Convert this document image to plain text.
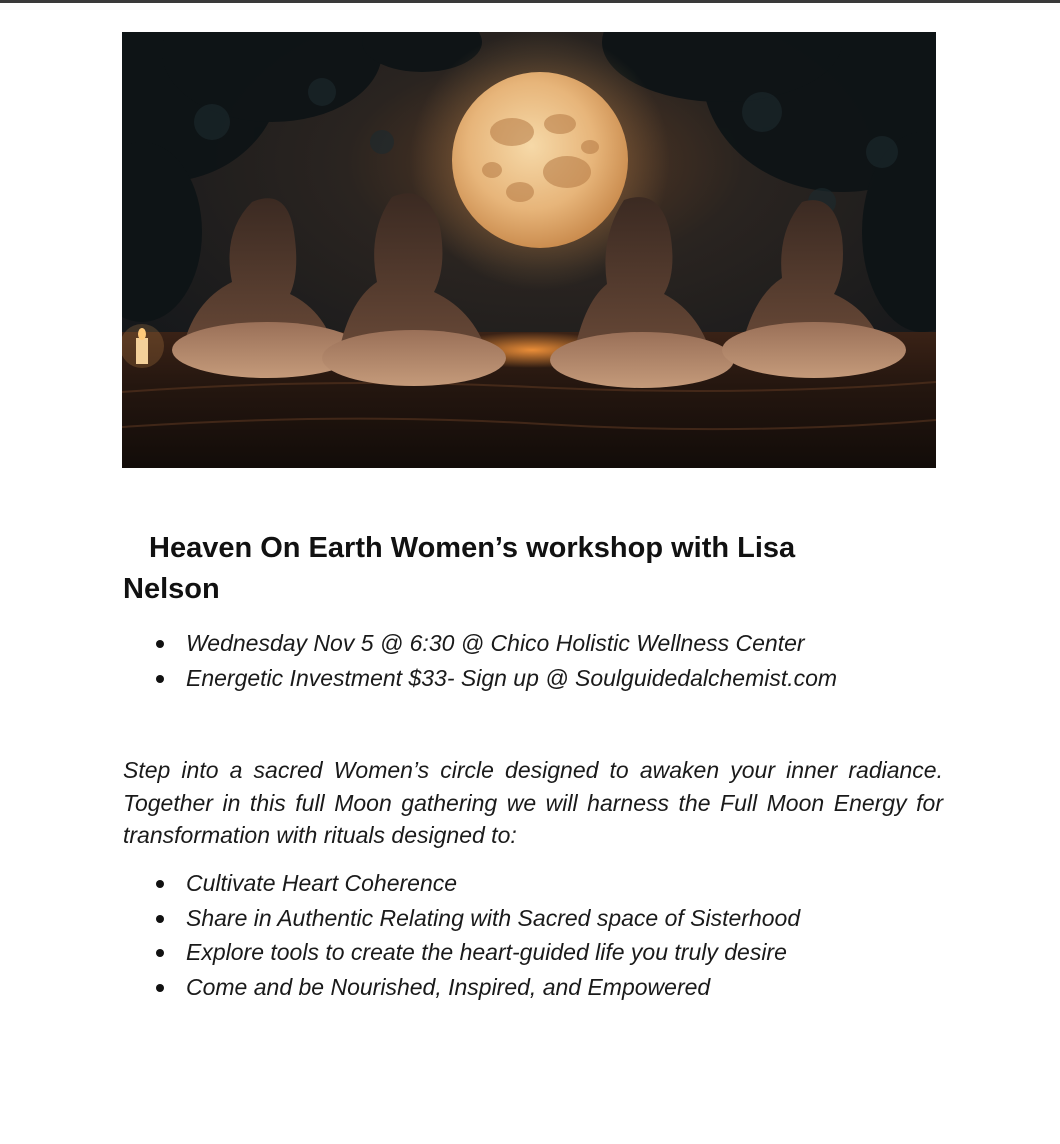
Heaven On Earth Women’s workshop with Lisa Nelson
Wednesday Nov 5 @ 6:30 @ Chico Holistic Wellness Center
Energetic Investment $33- Sign up @ Soulguidedalchemist.com

Step into a sacred Women’s circle designed to awaken your inner radiance. Together in this full Moon gathering we will harness the Full Moon Energy for transformation with rituals designed to:

Cultivate Heart Coherence
Share in Authentic Relating with Sacred space of Sisterhood
Explore tools to create the heart-guided life you truly desire
Come and be Nourished, Inspired, and Empowered
